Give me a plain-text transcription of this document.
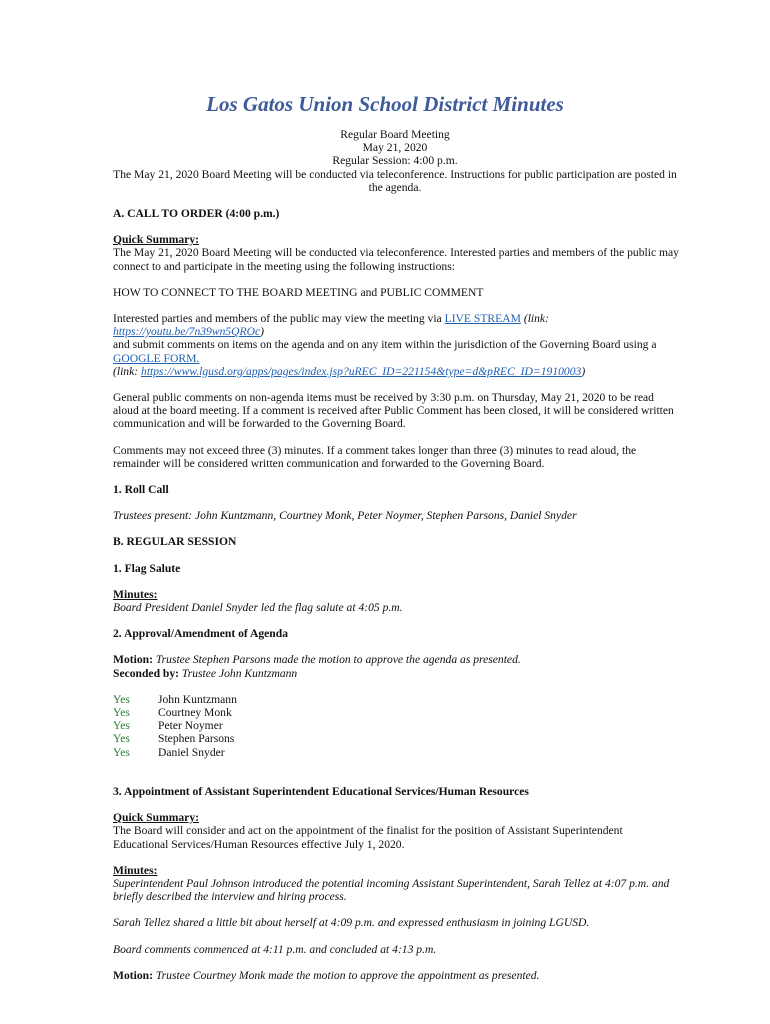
Los Gatos Union School District Minutes

Regular Board Meeting

May 21, 2020

Regular Session: 4:00 p.m.

The May 21, 2020 Board Meeting will be conducted via teleconference. Instructions for public participation are posted in the agenda.

A. CALL TO ORDER (4:00 p.m.)

Quick Summary:

The May 21, 2020 Board Meeting will be conducted via teleconference. Interested parties and members of the public may connect to and participate in the meeting using the following instructions:

HOW TO CONNECT TO THE BOARD MEETING and PUBLIC COMMENT

Interested parties and members of the public may view the meeting via LIVE STREAM (link: https://youtu.be/7n39wn5QROc)

and submit comments on items on the agenda and on any item within the jurisdiction of the Governing Board using a GOOGLE FORM.

(link: https://www.lgusd.org/apps/pages/index.jsp?uREC_ID=221154&type=d&pREC_ID=1910003)

General public comments on non-agenda items must be received by 3:30 p.m. on Thursday, May 21, 2020 to be read aloud at the board meeting. If a comment is received after Public Comment has been closed, it will be considered written communication and will be forwarded to the Governing Board.

Comments may not exceed three (3) minutes. If a comment takes longer than three (3) minutes to read aloud, the remainder will be considered written communication and forwarded to the Governing Board.

1. Roll Call

Trustees present: John Kuntzmann, Courtney Monk, Peter Noymer, Stephen Parsons, Daniel Snyder

B. REGULAR SESSION

1. Flag Salute

Minutes:

Board President Daniel Snyder led the flag salute at 4:05 p.m.

2. Approval/Amendment of Agenda

Motion: Trustee Stephen Parsons made the motion to approve the agenda as presented.

Seconded by: Trustee John Kuntzmann

Yes	John Kuntzmann
Yes	Courtney Monk
Yes	Peter Noymer
Yes	Stephen Parsons
Yes	Daniel Snyder

3. Appointment of Assistant Superintendent Educational Services/Human Resources

Quick Summary:

The Board will consider and act on the appointment of the finalist for the position of Assistant Superintendent Educational Services/Human Resources effective July 1, 2020.

Minutes:

Superintendent Paul Johnson introduced the potential incoming Assistant Superintendent, Sarah Tellez at 4:07 p.m. and briefly described the interview and hiring process.

Sarah Tellez shared a little bit about herself at 4:09 p.m. and expressed enthusiasm in joining LGUSD.

Board comments commenced at 4:11 p.m. and concluded at 4:13 p.m.

Motion: Trustee Courtney Monk made the motion to approve the appointment as presented.
